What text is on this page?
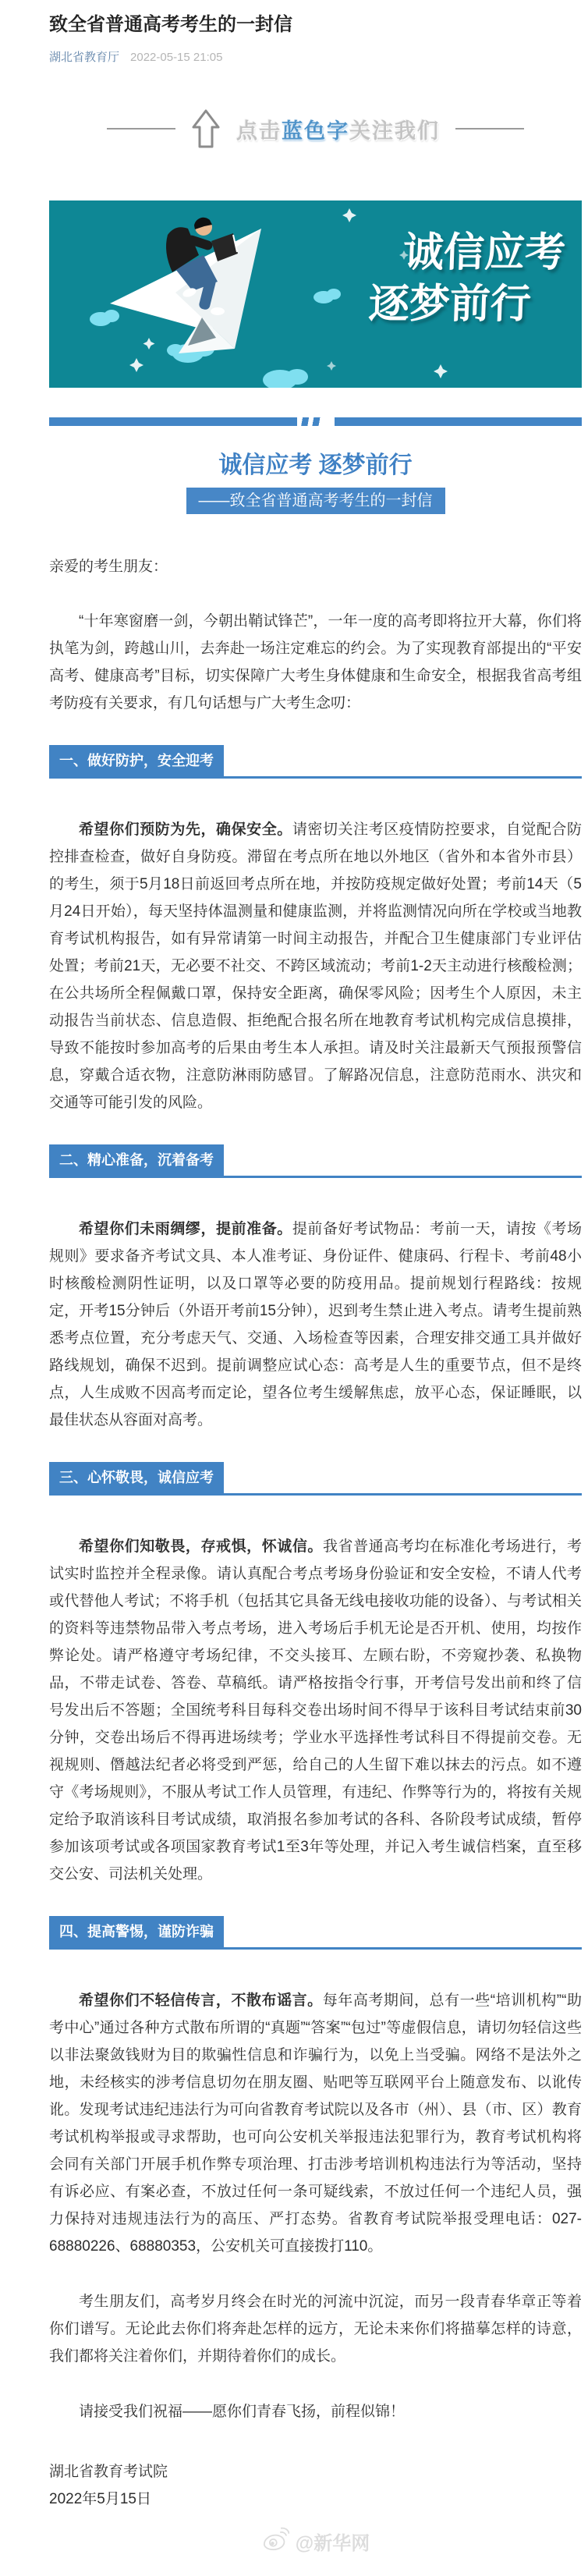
致全省普通高考考生的一封信
湖北省教育厅 2022-05-15 21:05
点击蓝色字关注我们
诚信应考
逐梦前行
诚信应考 逐梦前行
——致全省普通高考考生的一封信

亲爱的考生朋友：

“十年寒窗磨一剑，今朝出鞘试锋芒”，一年一度的高考即将拉开大幕，你们将执笔为剑，跨越山川，去奔赴一场注定难忘的约会。为了实现教育部提出的“平安高考、健康高考”目标，切实保障广大考生身体健康和生命安全，根据我省高考组考防疫有关要求，有几句话想与广大考生念叨：

一、做好防护，安全迎考

希望你们预防为先，确保安全。请密切关注考区疫情防控要求，自觉配合防控排查检查，做好自身防疫。滞留在考点所在地以外地区（省外和本省外市县）的考生，须于5月18日前返回考点所在地，并按防疫规定做好处置；考前14天（5月24日开始），每天坚持体温测量和健康监测，并将监测情况向所在学校或当地教育考试机构报告，如有异常请第一时间主动报告，并配合卫生健康部门专业评估处置；考前21天，无必要不社交、不跨区域流动；考前1-2天主动进行核酸检测；在公共场所全程佩戴口罩，保持安全距离，确保零风险；因考生个人原因，未主动报告当前状态、信息造假、拒绝配合报名所在地教育考试机构完成信息摸排，导致不能按时参加高考的后果由考生本人承担。请及时关注最新天气预报预警信息，穿戴合适衣物，注意防淋雨防感冒。了解路况信息，注意防范雨水、洪灾和交通等可能引发的风险。

二、精心准备，沉着备考

希望你们未雨绸缪，提前准备。提前备好考试物品：考前一天，请按《考场规则》要求备齐考试文具、本人准考证、身份证件、健康码、行程卡、考前48小时核酸检测阴性证明，以及口罩等必要的防疫用品。提前规划行程路线：按规定，开考15分钟后（外语开考前15分钟），迟到考生禁止进入考点。请考生提前熟悉考点位置，充分考虑天气、交通、入场检查等因素，合理安排交通工具并做好路线规划，确保不迟到。提前调整应试心态：高考是人生的重要节点，但不是终点，人生成败不因高考而定论，望各位考生缓解焦虑，放平心态，保证睡眠，以最佳状态从容面对高考。

三、心怀敬畏，诚信应考

希望你们知敬畏，存戒惧，怀诚信。我省普通高考均在标准化考场进行，考试实时监控并全程录像。请认真配合考点考场身份验证和安全安检，不请人代考或代替他人考试；不将手机（包括其它具备无线电接收功能的设备）、与考试相关的资料等违禁物品带入考点考场，进入考场后手机无论是否开机、使用，均按作弊论处。请严格遵守考场纪律，不交头接耳、左顾右盼，不旁窥抄袭、私换物品，不带走试卷、答卷、草稿纸。请严格按指令行事，开考信号发出前和终了信号发出后不答题；全国统考科目每科交卷出场时间不得早于该科目考试结束前30分钟，交卷出场后不得再进场续考；学业水平选择性考试科目不得提前交卷。无视规则、僭越法纪者必将受到严惩，给自己的人生留下难以抹去的污点。如不遵守《考场规则》，不服从考试工作人员管理，有违纪、作弊等行为的，将按有关规定给予取消该科目考试成绩，取消报名参加考试的各科、各阶段考试成绩，暂停参加该项考试或各项国家教育考试1至3年等处理，并记入考生诚信档案，直至移交公安、司法机关处理。

四、提高警惕，谨防诈骗

希望你们不轻信传言，不散布谣言。每年高考期间，总有一些“培训机构”“助考中心”通过各种方式散布所谓的“真题”“答案”“包过”等虚假信息，请切勿轻信这些以非法聚敛钱财为目的欺骗性信息和诈骗行为，以免上当受骗。网络不是法外之地，未经核实的涉考信息切勿在朋友圈、贴吧等互联网平台上随意发布、以讹传讹。发现考试违纪违法行为可向省教育考试院以及各市（州）、县（市、区）教育考试机构举报或寻求帮助，也可向公安机关举报违法犯罪行为，教育考试机构将会同有关部门开展手机作弊专项治理、打击涉考培训机构违法行为等活动，坚持有诉必应、有案必查，不放过任何一条可疑线索，不放过任何一个违纪人员，强力保持对违规违法行为的高压、严打态势。省教育考试院举报受理电话：027-68880226、68880353，公安机关可直接拨打110。

考生朋友们，高考岁月终会在时光的河流中沉淀，而另一段青春华章正等着你们谱写。无论此去你们将奔赴怎样的远方，无论未来你们将描摹怎样的诗意，我们都将关注着你们，并期待着你们的成长。

请接受我们祝福——愿你们青春飞扬，前程似锦！

湖北省教育考试院

2022年5月15日

@新华网
